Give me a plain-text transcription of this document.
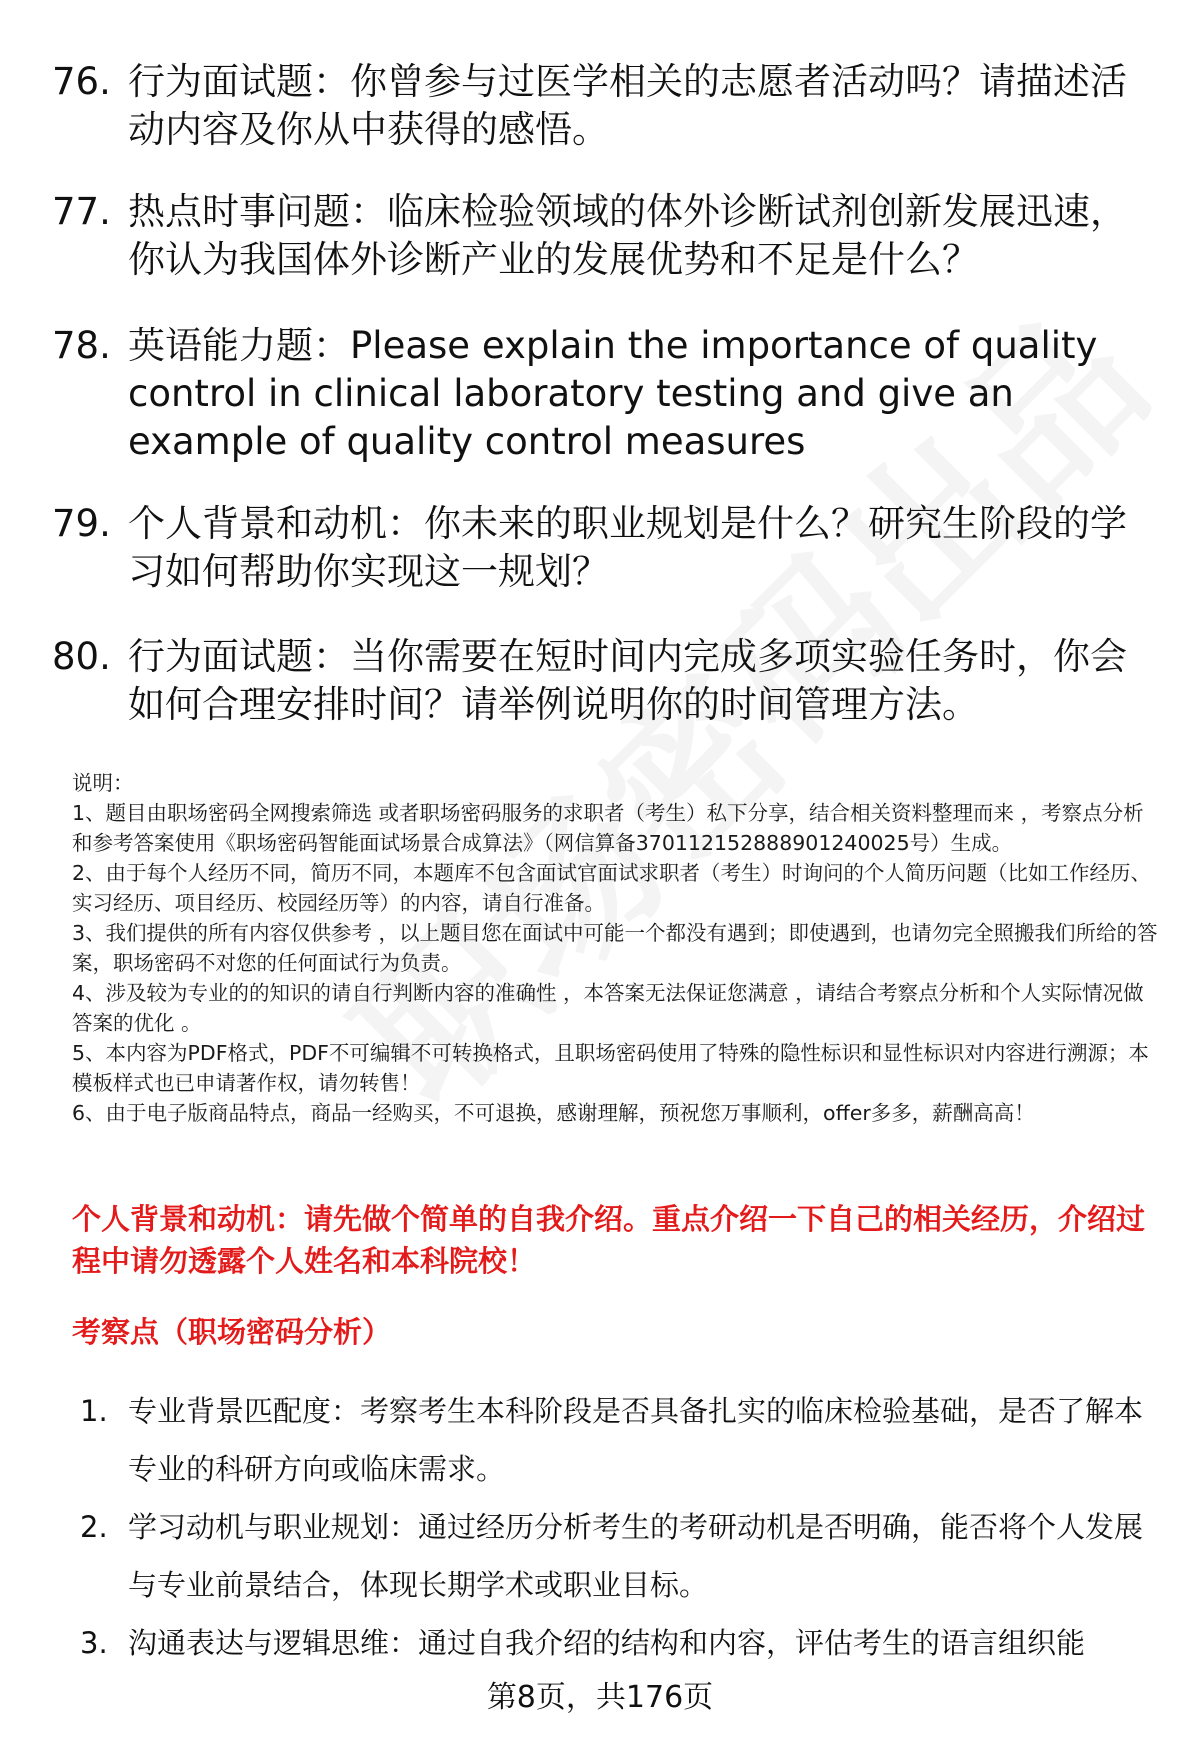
76. 行为面试题：你曾参与过医学相关的志愿者活动吗？请描述活动内容及你从中获得的感悟。
77. 热点时事问题：临床检验领域的体外诊断试剂创新发展迅速，你认为我国体外诊断产业的发展优势和不足是什么？
78. 英语能力题：Please explain the importance of quality control in clinical laboratory testing and give an example of quality control measures
79. 个人背景和动机：你未来的职业规划是什么？研究生阶段的学习如何帮助你实现这一规划？
80. 行为面试题：当你需要在短时间内完成多项实验任务时，你会如何合理安排时间？请举例说明你的时间管理方法。
说明：
1、题目由职场密码全网搜索筛选 或者职场密码服务的求职者（考生）私下分享，结合相关资料整理而来 ，考察点分析和参考答案使用《职场密码智能面试场景合成算法》（网信算备370112152888901240025号）生成。
2、由于每个人经历不同，简历不同，本题库不包含面试官面试求职者（考生）时询问的个人简历问题（比如工作经历、实习经历、项目经历、校园经历等）的内容，请自行准备。
3、我们提供的所有内容仅供参考 ，以上题目您在面试中可能一个都没有遇到；即使遇到，也请勿完全照搬我们所给的答案，职场密码不对您的任何面试行为负责。
4、涉及较为专业的的知识的请自行判断内容的准确性 ，本答案无法保证您满意 ，请结合考察点分析和个人实际情况做答案的优化 。
5、本内容为PDF格式，PDF不可编辑不可转换格式，且职场密码使用了特殊的隐性标识和显性标识对内容进行溯源；本模板样式也已申请著作权，请勿转售！
6、由于电子版商品特点，商品一经购买，不可退换，感谢理解，预祝您万事顺利，offer多多，薪酬高高！
个人背景和动机：请先做个简单的自我介绍。重点介绍一下自己的相关经历，介绍过程中请勿透露个人姓名和本科院校！
考察点（职场密码分析）
1. 专业背景匹配度：考察考生本科阶段是否具备扎实的临床检验基础，是否了解本专业的科研方向或临床需求。
2. 学习动机与职业规划：通过经历分析考生的考研动机是否明确，能否将个人发展与专业前景结合，体现长期学术或职业目标。
3. 沟通表达与逻辑思维：通过自我介绍的结构和内容，评估考生的语言组织能
第8页，共176页
